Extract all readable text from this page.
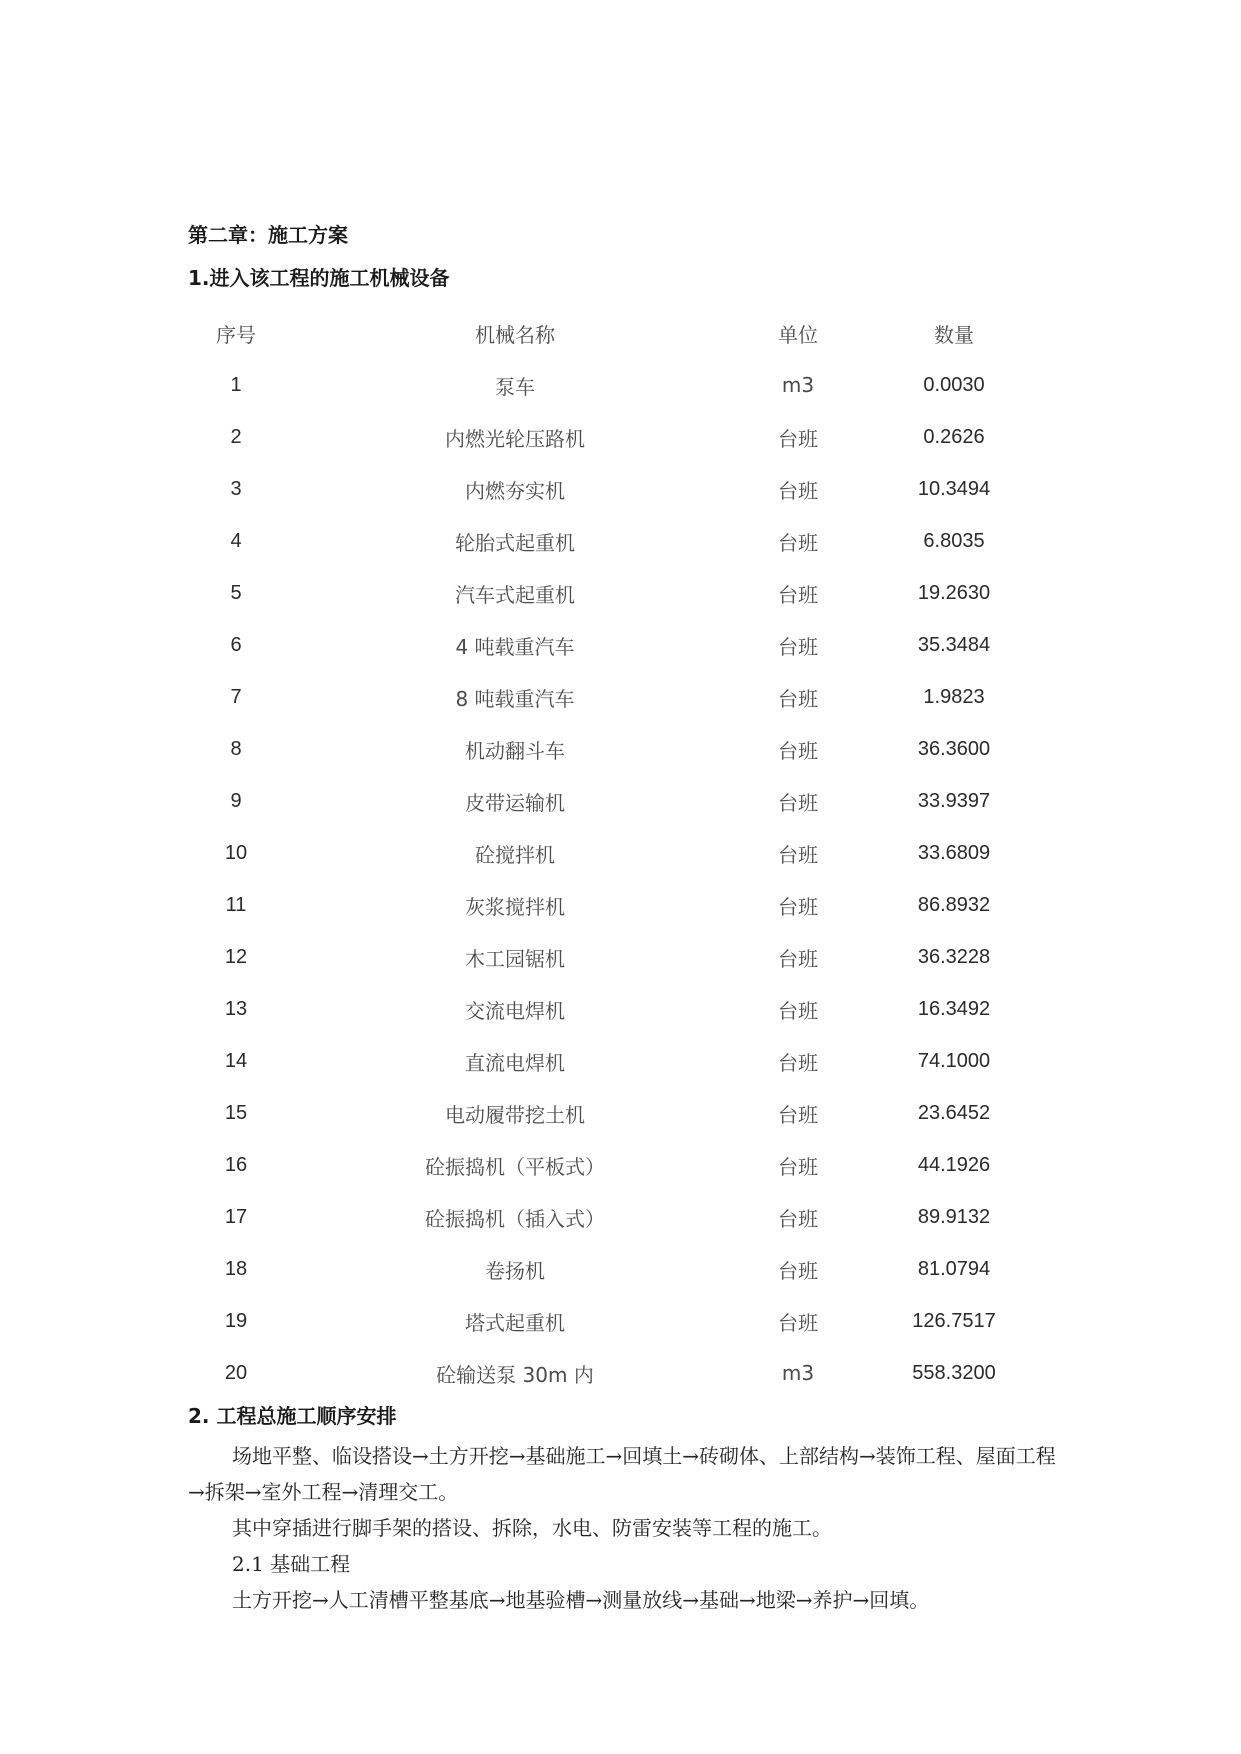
第二章：施工方案
1.进入该工程的施工机械设备
序号	机械名称	单位	数量
1	泵车	m3	0.0030
2	内燃光轮压路机	台班	0.2626
3	内燃夯实机	台班	10.3494
4	轮胎式起重机	台班	6.8035
5	汽车式起重机	台班	19.2630
6	4 吨载重汽车	台班	35.3484
7	8 吨载重汽车	台班	1.9823
8	机动翻斗车	台班	36.3600
9	皮带运输机	台班	33.9397
10	砼搅拌机	台班	33.6809
11	灰浆搅拌机	台班	86.8932
12	木工园锯机	台班	36.3228
13	交流电焊机	台班	16.3492
14	直流电焊机	台班	74.1000
15	电动履带挖土机	台班	23.6452
16	砼振捣机（平板式）	台班	44.1926
17	砼振捣机（插入式）	台班	89.9132
18	卷扬机	台班	81.0794
19	塔式起重机	台班	126.7517
20	砼输送泵 30m 内	m3	558.3200
2. 工程总施工顺序安排
场地平整、临设搭设→土方开挖→基础施工→回填土→砖砌体、上部结构→装饰工程、屋面工程→拆架→室外工程→清理交工。
其中穿插进行脚手架的搭设、拆除，水电、防雷安装等工程的施工。
2.1 基础工程
土方开挖→人工清槽平整基底→地基验槽→测量放线→基础→地梁→养护→回填。
